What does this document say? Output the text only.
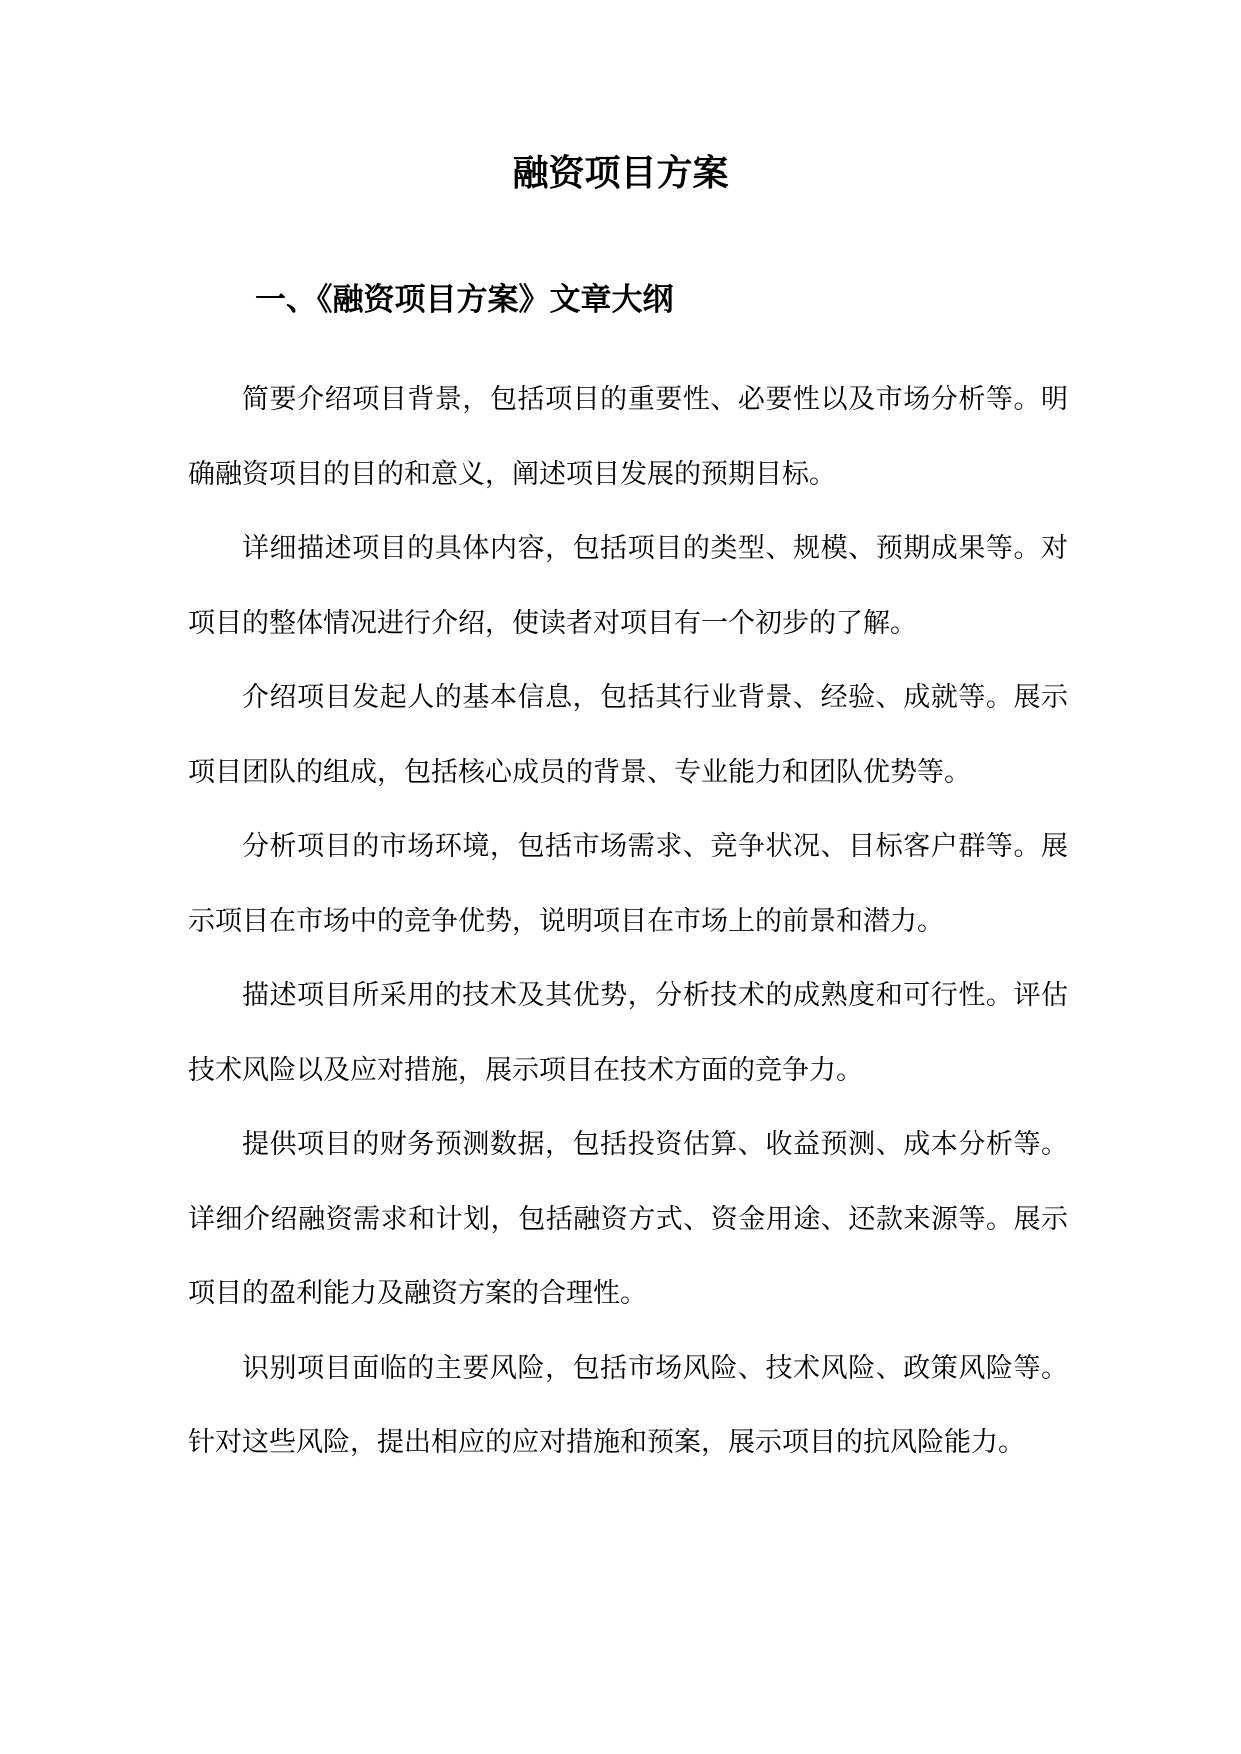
融资项目方案
一、《融资项目方案》文章大纲

简要介绍项目背景，包括项目的重要性、必要性以及市场分析等。明确融资项目的目的和意义，阐述项目发展的预期目标。

详细描述项目的具体内容，包括项目的类型、规模、预期成果等。对项目的整体情况进行介绍，使读者对项目有一个初步的了解。

介绍项目发起人的基本信息，包括其行业背景、经验、成就等。展示项目团队的组成，包括核心成员的背景、专业能力和团队优势等。

分析项目的市场环境，包括市场需求、竞争状况、目标客户群等。展示项目在市场中的竞争优势，说明项目在市场上的前景和潜力。

描述项目所采用的技术及其优势，分析技术的成熟度和可行性。评估技术风险以及应对措施，展示项目在技术方面的竞争力。

提供项目的财务预测数据，包括投资估算、收益预测、成本分析等。详细介绍融资需求和计划，包括融资方式、资金用途、还款来源等。展示项目的盈利能力及融资方案的合理性。

识别项目面临的主要风险，包括市场风险、技术风险、政策风险等。针对这些风险，提出相应的应对措施和预案，展示项目的抗风险能力。
